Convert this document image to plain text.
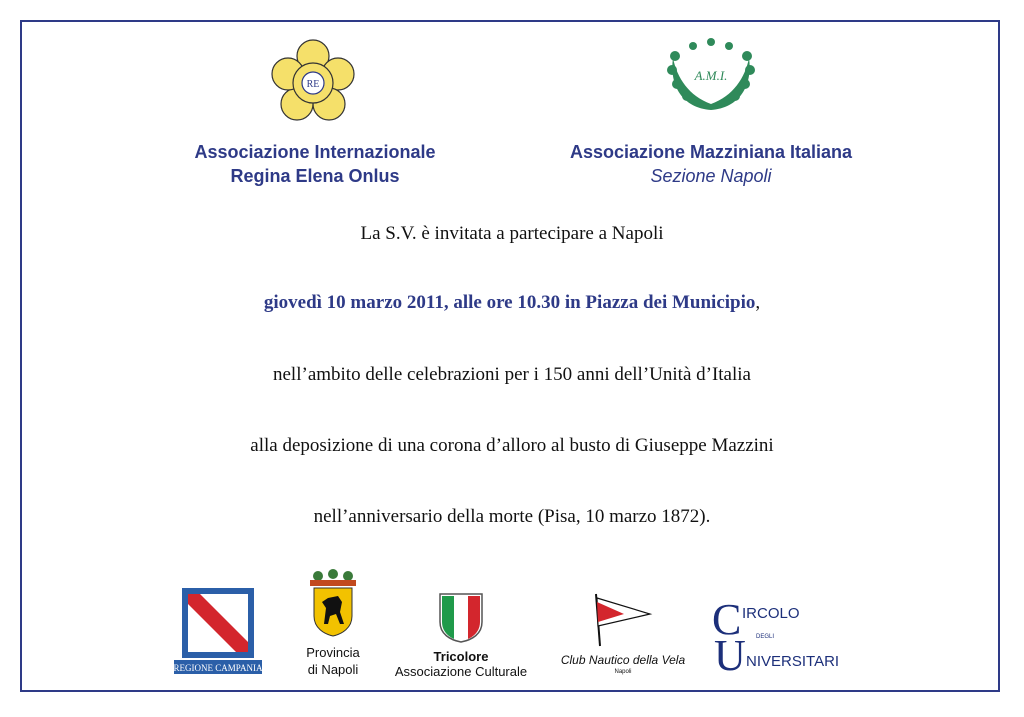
RE
A.M.I.
Associazione Internazionale
Regina Elena Onlus
Associazione Mazziniana Italiana
Sezione Napoli
La S.V. è invitata a partecipare a Napoli
giovedì 10 marzo 2011, alle ore 10.30 in Piazza dei Municipio,
nell’ambito delle celebrazioni per i 150 anni dell’Unità d’Italia
alla deposizione di una corona d’alloro al busto di Giuseppe Mazzini
nell’anniversario della morte (Pisa, 10 marzo 1872).
REGIONE CAMPANIA
Provincia
di Napoli
Tricolore
Associazione Culturale
Club Nautico della Vela
Napoli
C IRCOLO
DEGLI
U NIVERSITARI
